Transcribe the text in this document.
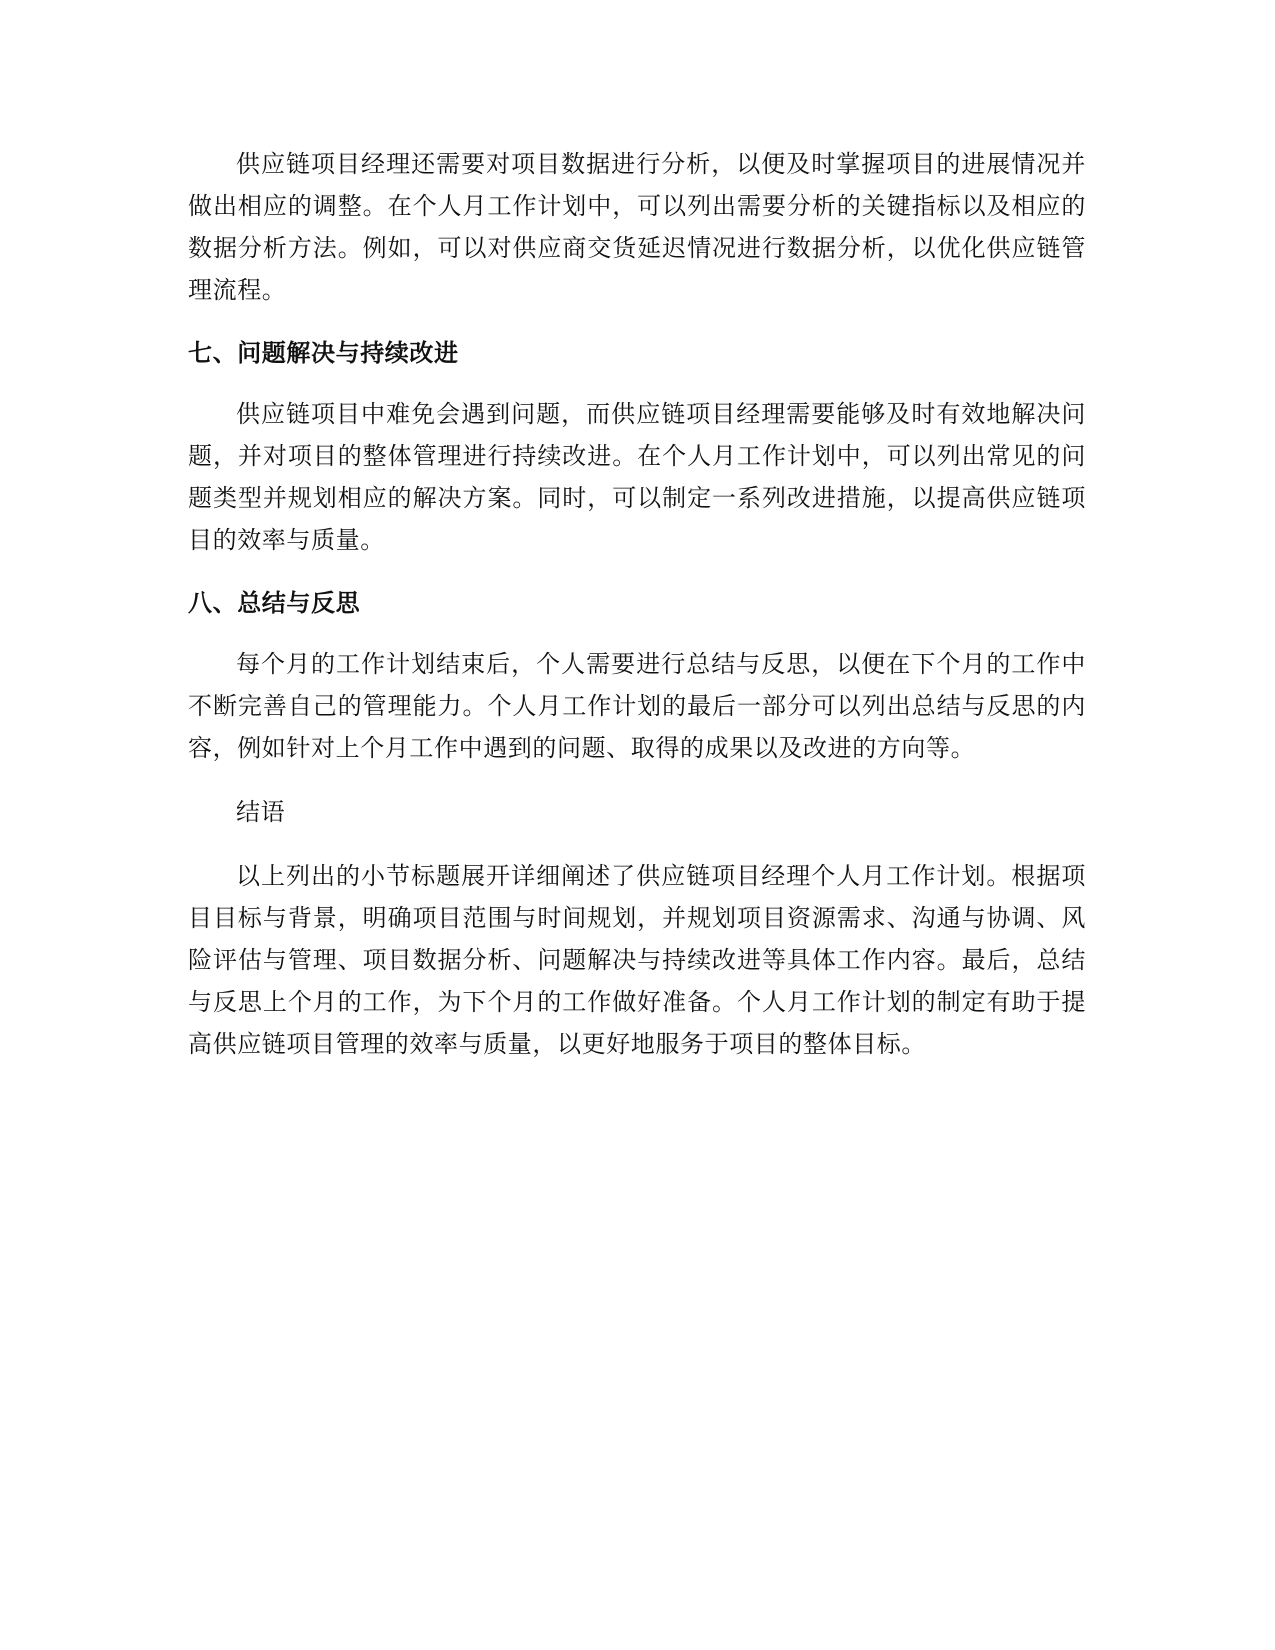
供应链项目经理还需要对项目数据进行分析，以便及时掌握项目的进展情况并做出相应的调整。在个人月工作计划中，可以列出需要分析的关键指标以及相应的数据分析方法。例如，可以对供应商交货延迟情况进行数据分析，以优化供应链管理流程。

七、问题解决与持续改进

供应链项目中难免会遇到问题，而供应链项目经理需要能够及时有效地解决问题，并对项目的整体管理进行持续改进。在个人月工作计划中，可以列出常见的问题类型并规划相应的解决方案。同时，可以制定一系列改进措施，以提高供应链项目的效率与质量。

八、总结与反思

每个月的工作计划结束后，个人需要进行总结与反思，以便在下个月的工作中不断完善自己的管理能力。个人月工作计划的最后一部分可以列出总结与反思的内容，例如针对上个月工作中遇到的问题、取得的成果以及改进的方向等。

结语

以上列出的小节标题展开详细阐述了供应链项目经理个人月工作计划。根据项目目标与背景，明确项目范围与时间规划，并规划项目资源需求、沟通与协调、风险评估与管理、项目数据分析、问题解决与持续改进等具体工作内容。最后，总结与反思上个月的工作，为下个月的工作做好准备。个人月工作计划的制定有助于提高供应链项目管理的效率与质量，以更好地服务于项目的整体目标。
